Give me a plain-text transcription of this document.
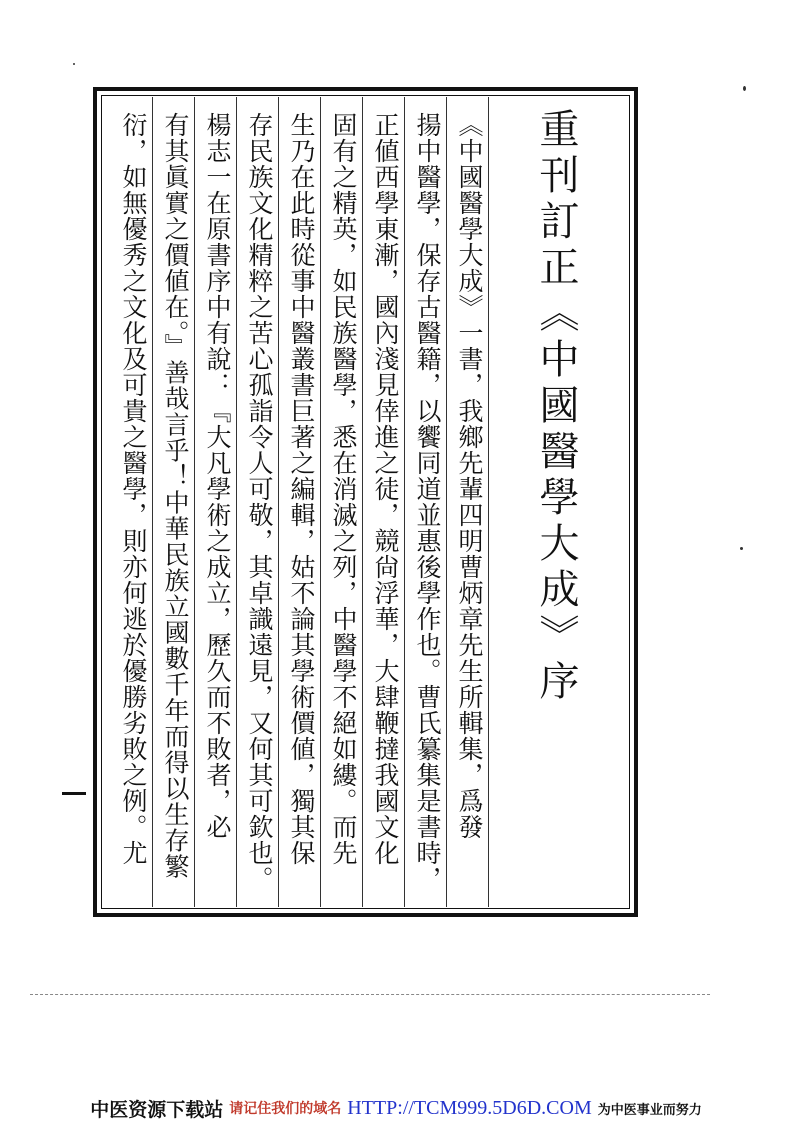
重刊訂正《中國醫學大成》序
《中國醫學大成》一書，我鄉先輩四明曹炳章先生所輯集，爲發
揚中醫學，保存古醫籍，以饗同道並惠後學作也。曹氏纂集是書時，
正値西學東漸，國內淺見倖進之徒，競尙浮華，大肆鞭撻我國文化
固有之精英，如民族醫學，悉在消滅之列，中醫學不絕如縷。而先
生乃在此時從事中醫叢書巨著之編輯，姑不論其學術價値，獨其保
存民族文化精粹之苦心孤詣令人可敬，其卓識遠見，又何其可欽也。
楊志一在原書序中有說：『大凡學術之成立，歷久而不敗者，必
有其眞實之價値在。』善哉言乎！中華民族立國數千年而得以生存繁
衍，如無優秀之文化及可貴之醫學，則亦何逃於優勝劣敗之例。尤
中医资源下载站 请记住我们的域名 HTTP://TCM999.5D6D.COM 为中医事业而努力
